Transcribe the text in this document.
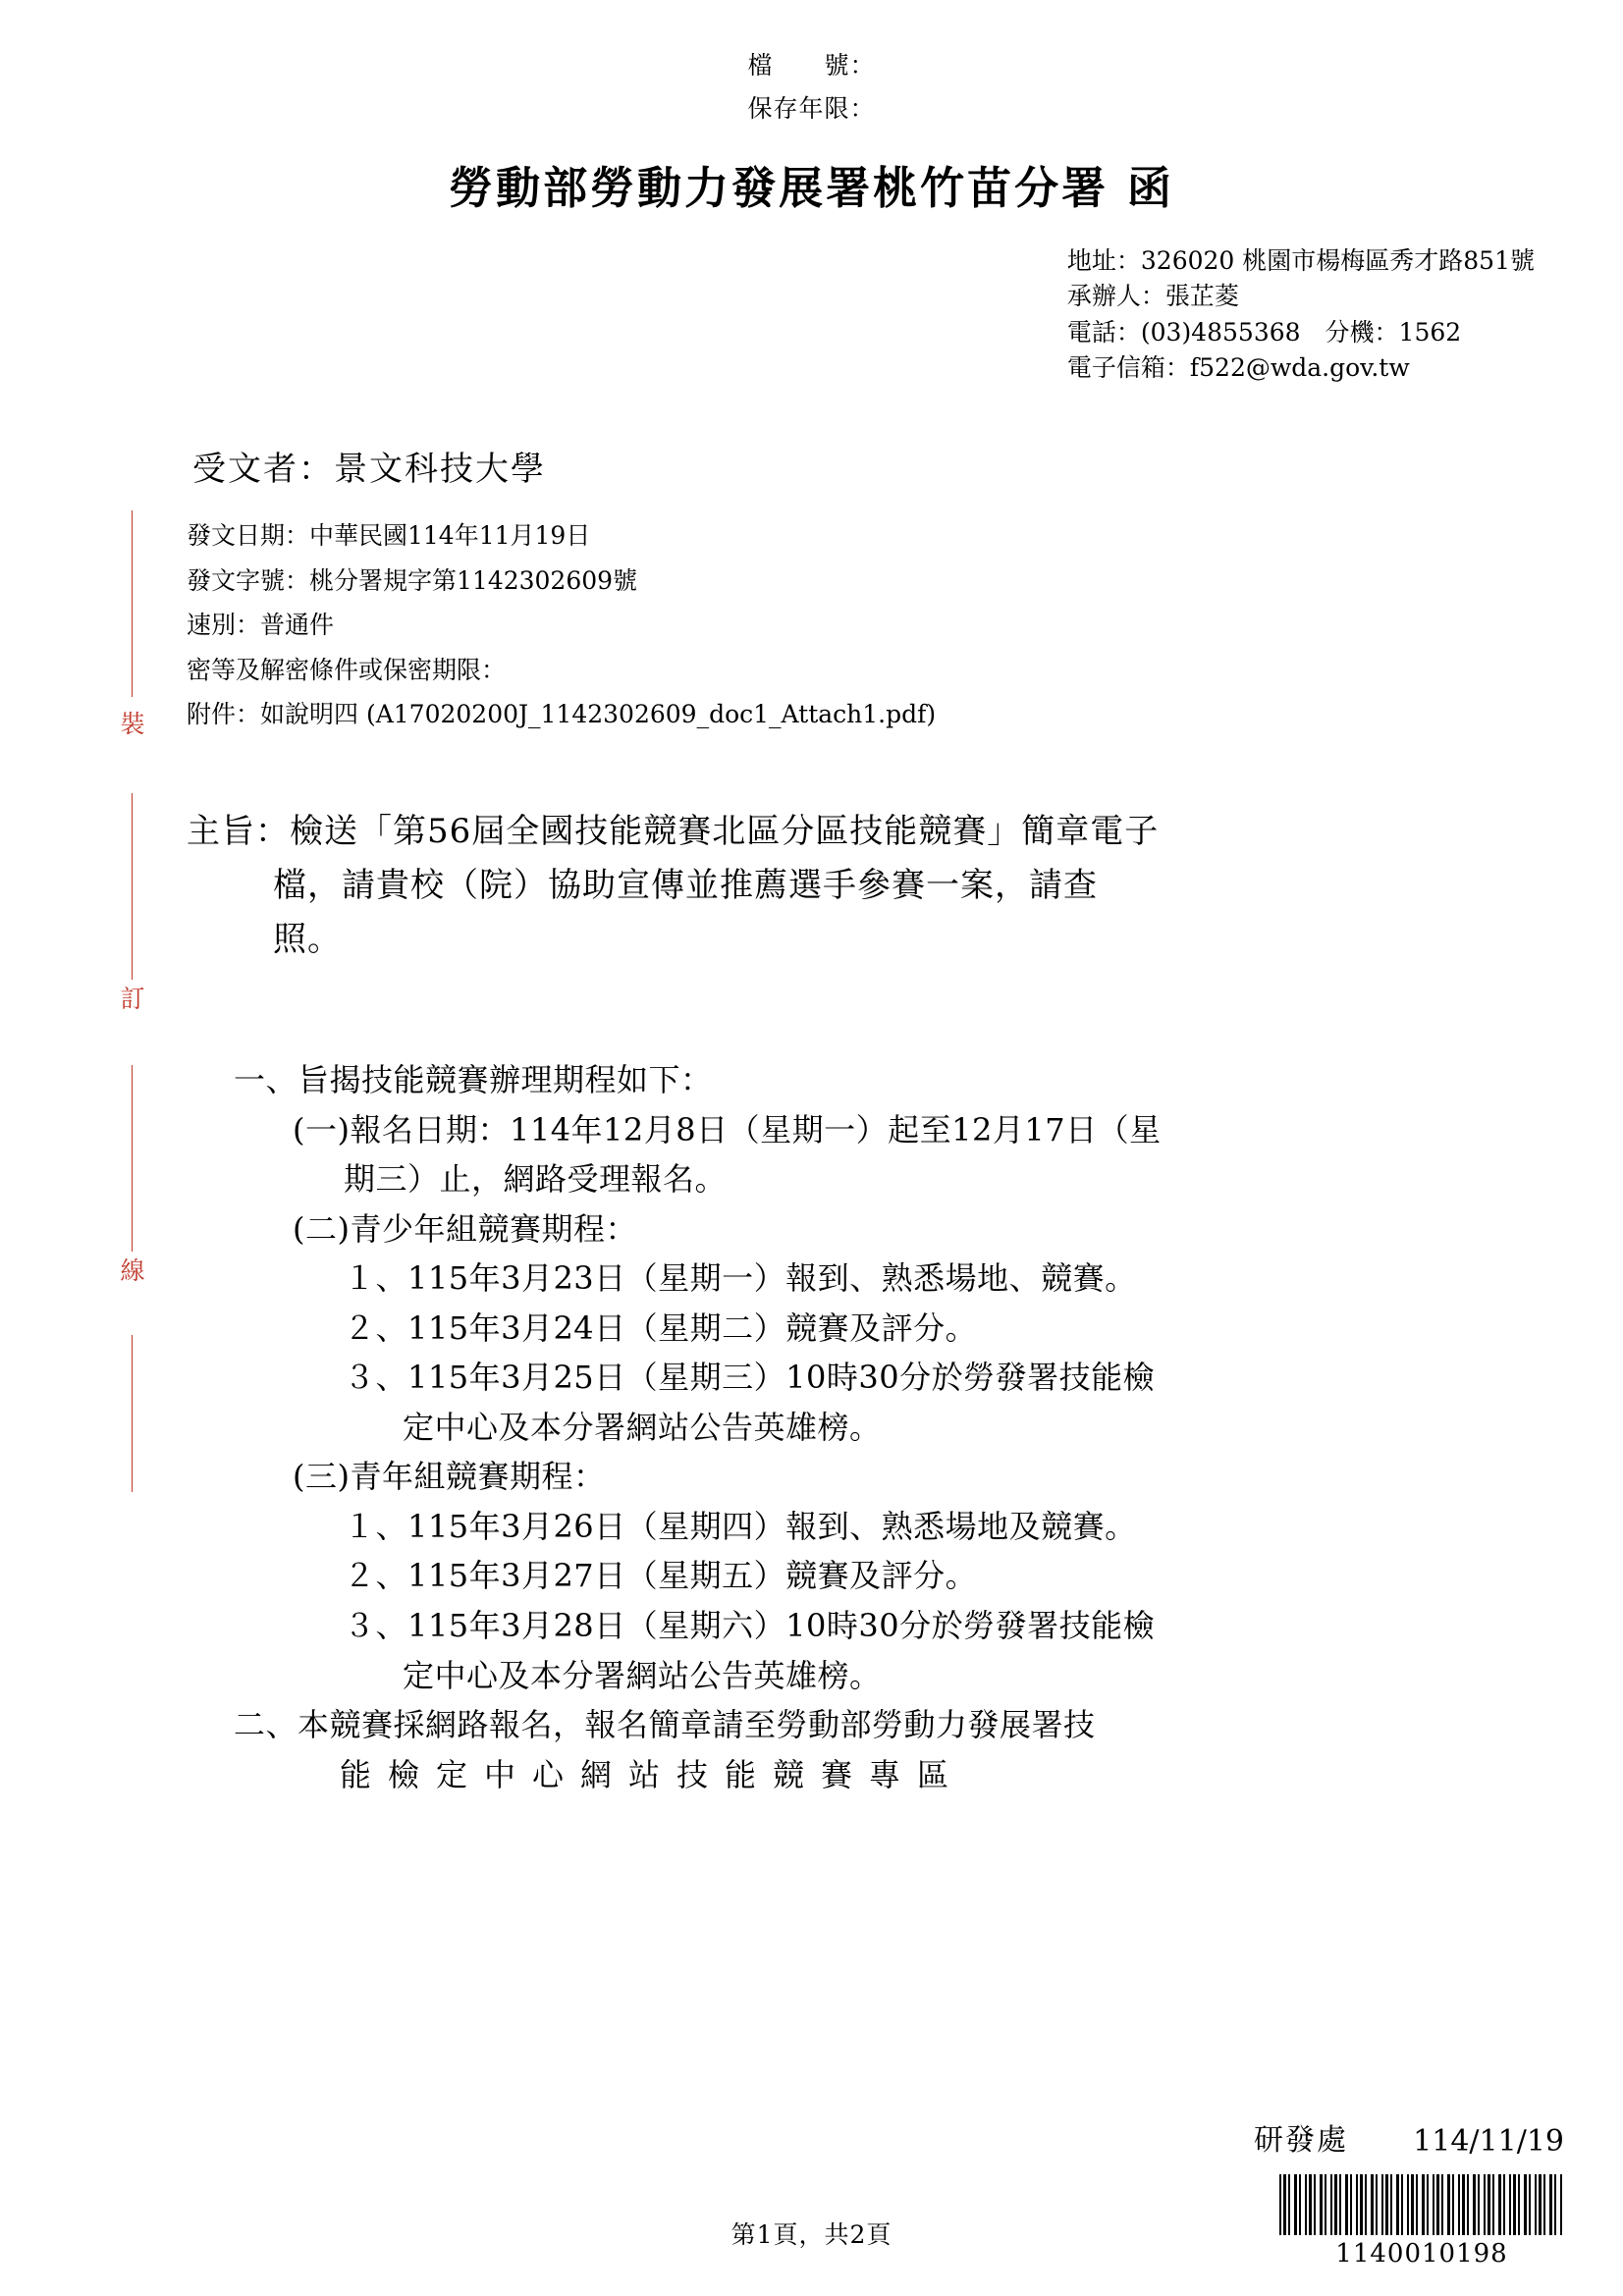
檔　　號：
保存年限：
勞動部勞動力發展署桃竹苗分署 函
地址：326020 桃園市楊梅區秀才路851號
承辦人：張芷菱
電話：(03)4855368　分機：1562
電子信箱：f522@wda.gov.tw
受文者：景文科技大學
發文日期：中華民國114年11月19日
發文字號：桃分署規字第1142302609號
速別：普通件
密等及解密條件或保密期限：
附件：如說明四 (A17020200J_1142302609_doc1_Attach1.pdf)
主旨：檢送「第56屆全國技能競賽北區分區技能競賽」簡章電子
檔，請貴校（院）協助宣傳並推薦選手參賽一案，請查
照。
一、旨揭技能競賽辦理期程如下：
(一)報名日期：114年12月8日（星期一）起至12月17日（星
期三）止，網路受理報名。
(二)青少年組競賽期程：
１、115年3月23日（星期一）報到、熟悉場地、競賽。
２、115年3月24日（星期二）競賽及評分。
３、115年3月25日（星期三）10時30分於勞發署技能檢
定中心及本分署網站公告英雄榜。
(三)青年組競賽期程：
１、115年3月26日（星期四）報到、熟悉場地及競賽。
２、115年3月27日（星期五）競賽及評分。
３、115年3月28日（星期六）10時30分於勞發署技能檢
定中心及本分署網站公告英雄榜。
二、本競賽採網路報名，報名簡章請至勞動部勞動力發展署技
能檢定中心網站技能競賽專區
裝
訂
線
研發處 114/11/19
1140010198
第1頁，共2頁
